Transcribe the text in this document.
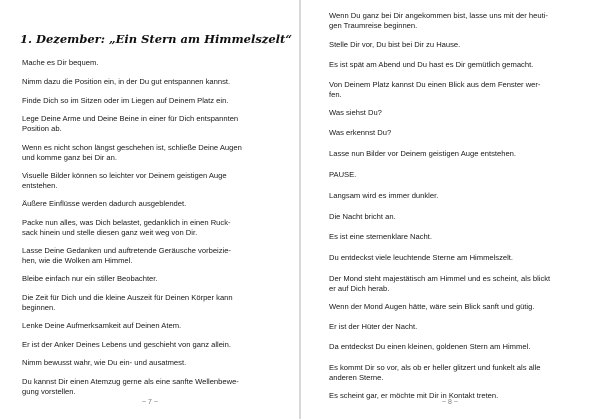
1. Dezember: „Ein Stern am Himmelszelt“
Mache es Dir bequem.
Nimm dazu die Position ein, in der Du gut entspannen kannst.
Finde Dich so im Sitzen oder im Liegen auf Deinem Platz ein.
Lege Deine Arme und Deine Beine in einer für Dich entspannten
Position ab.
Wenn es nicht schon längst geschehen ist, schließe Deine Augen
und komme ganz bei Dir an.
Visuelle Bilder können so leichter vor Deinem geistigen Auge
entstehen.
Äußere Einflüsse werden dadurch ausgeblendet.
Packe nun alles, was Dich belastet, gedanklich in einen Ruck-
sack hinein und stelle diesen ganz weit weg von Dir.
Lasse Deine Gedanken und auftretende Geräusche vorbeizie-
hen, wie die Wolken am Himmel.
Bleibe einfach nur ein stiller Beobachter.
Die Zeit für Dich und die kleine Auszeit für Deinen Körper kann
beginnen.
Lenke Deine Aufmerksamkeit auf Deinen Atem.
Er ist der Anker Deines Lebens und geschieht von ganz allein.
Nimm bewusst wahr, wie Du ein- und ausatmest.
Du kannst Dir einen Atemzug gerne als eine sanfte Wellenbewe-
gung vorstellen.
Wenn Du ganz bei Dir angekommen bist, lasse uns mit der heuti-
gen Traumreise beginnen.
Stelle Dir vor, Du bist bei Dir zu Hause.
Es ist spät am Abend und Du hast es Dir gemütlich gemacht.
Von Deinem Platz kannst Du einen Blick aus dem Fenster wer-
fen.
Was siehst Du?
Was erkennst Du?
Lasse nun Bilder vor Deinem geistigen Auge entstehen.
PAUSE.
Langsam wird es immer dunkler.
Die Nacht bricht an.
Es ist eine sternenklare Nacht.
Du entdeckst viele leuchtende Sterne am Himmelszelt.
Der Mond steht majestätisch am Himmel und es scheint, als blickt
er auf Dich herab.
Wenn der Mond Augen hätte, wäre sein Blick sanft und gütig.
Er ist der Hüter der Nacht.
Da entdeckst Du einen kleinen, goldenen Stern am Himmel.
Es kommt Dir so vor, als ob er heller glitzert und funkelt als alle
anderen Sterne.
Es scheint gar, er möchte mit Dir in Kontakt treten.
~ 7 ~	~ 8 ~
